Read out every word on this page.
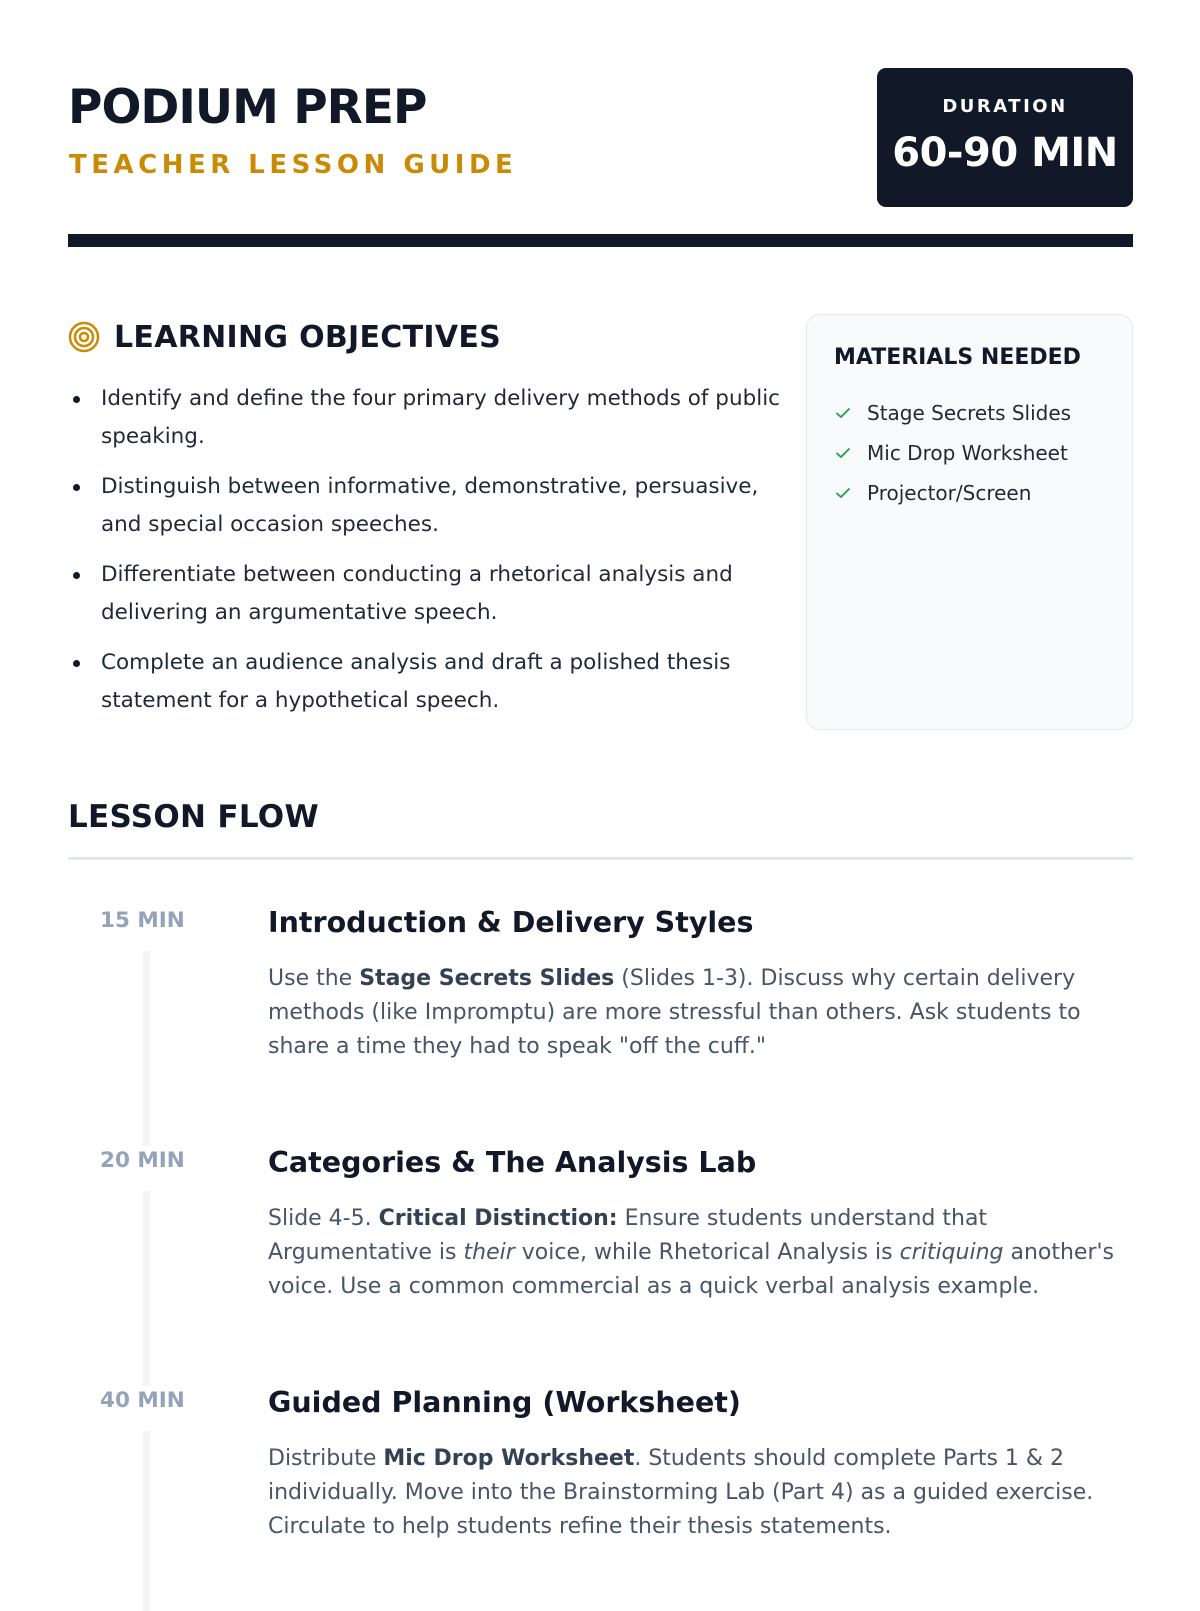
PODIUM PREP
TEACHER LESSON GUIDE
DURATION
60-90 MIN
LEARNING OBJECTIVES
Identify and define the four primary delivery methods of public speaking.
Distinguish between informative, demonstrative, persuasive, and special occasion speeches.
Differentiate between conducting a rhetorical analysis and delivering an argumentative speech.
Complete an audience analysis and draft a polished thesis statement for a hypothetical speech.
MATERIALS NEEDED
Stage Secrets Slides
Mic Drop Worksheet
Projector/Screen
LESSON FLOW
15 MIN	Introduction & Delivery Styles
Use the Stage Secrets Slides (Slides 1-3). Discuss why certain delivery methods (like Impromptu) are more stressful than others. Ask students to share a time they had to speak "off the cuff."
20 MIN	Categories & The Analysis Lab
Slide 4-5. Critical Distinction: Ensure students understand that Argumentative is their voice, while Rhetorical Analysis is critiquing another's voice. Use a common commercial as a quick verbal analysis example.
40 MIN	Guided Planning (Worksheet)
Distribute Mic Drop Worksheet. Students should complete Parts 1 & 2 individually. Move into the Brainstorming Lab (Part 4) as a guided exercise. Circulate to help students refine their thesis statements.
